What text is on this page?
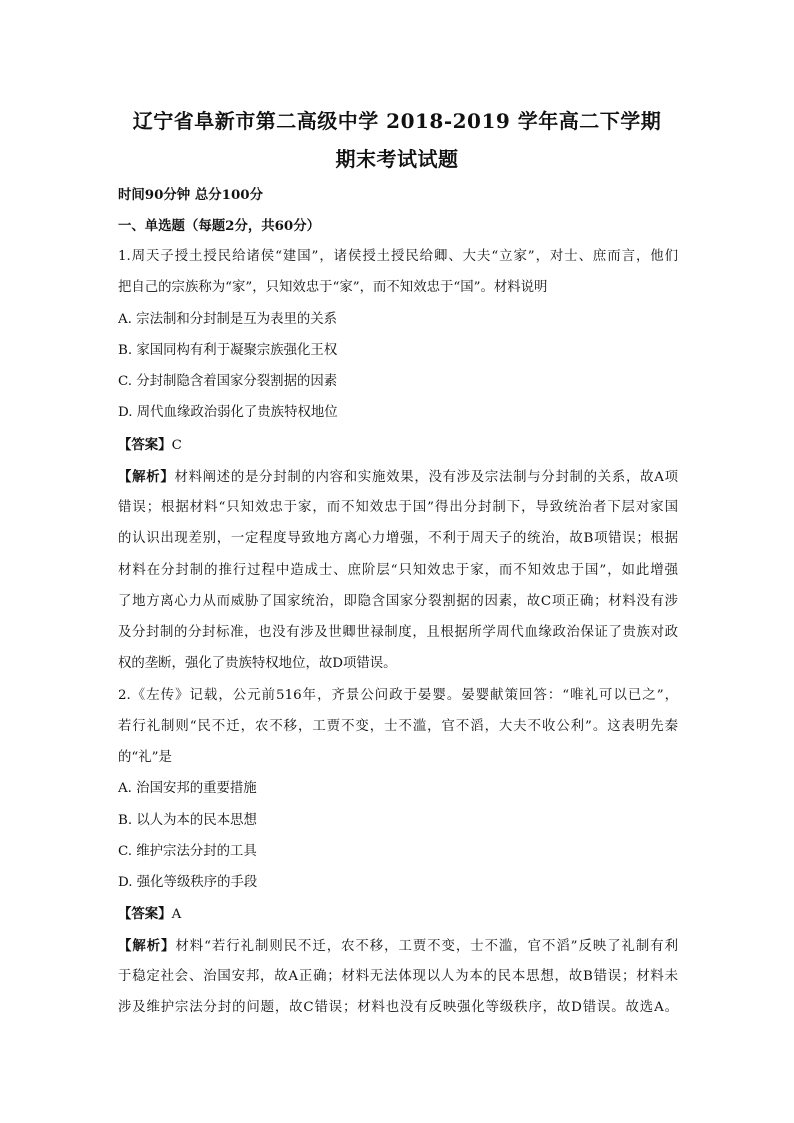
辽宁省阜新市第二高级中学 2018-2019 学年高二下学期
期末考试试题
时间90分钟 总分100分
一、单选题（每题2分，共60分）
1.周天子授土授民给诸侯“建国”，诸侯授土授民给卿、大夫“立家”，对士、庶而言，他们
把自己的宗族称为“家”，只知效忠于“家”，而不知效忠于“国”。材料说明
A. 宗法制和分封制是互为表里的关系
B. 家国同构有利于凝聚宗族强化王权
C. 分封制隐含着国家分裂割据的因素
D. 周代血缘政治弱化了贵族特权地位
【答案】C
【解析】材料阐述的是分封制的内容和实施效果，没有涉及宗法制与分封制的关系，故A项
错误；根据材料“只知效忠于家，而不知效忠于国”得出分封制下，导致统治者下层对家国
的认识出现差别，一定程度导致地方离心力增强，不利于周天子的统治，故B项错误；根据
材料在分封制的推行过程中造成士、庶阶层“只知效忠于家，而不知效忠于国”，如此增强
了地方离心力从而威胁了国家统治，即隐含国家分裂割据的因素，故C项正确；材料没有涉
及分封制的分封标准，也没有涉及世卿世禄制度，且根据所学周代血缘政治保证了贵族对政
权的垄断，强化了贵族特权地位，故D项错误。
2.《左传》记载，公元前516年，齐景公问政于晏婴。晏婴献策回答：“唯礼可以已之”，
若行礼制则“民不迁，农不移，工贾不变，士不滥，官不滔，大夫不收公利”。这表明先秦
的“礼”是
A. 治国安邦的重要措施
B. 以人为本的民本思想
C. 维护宗法分封的工具
D. 强化等级秩序的手段
【答案】A
【解析】材料“若行礼制则民不迁，农不移，工贾不变，士不滥，官不滔”反映了礼制有利
于稳定社会、治国安邦，故A正确；材料无法体现以人为本的民本思想，故B错误；材料未
涉及维护宗法分封的问题，故C错误；材料也没有反映强化等级秩序，故D错误。故选A。
